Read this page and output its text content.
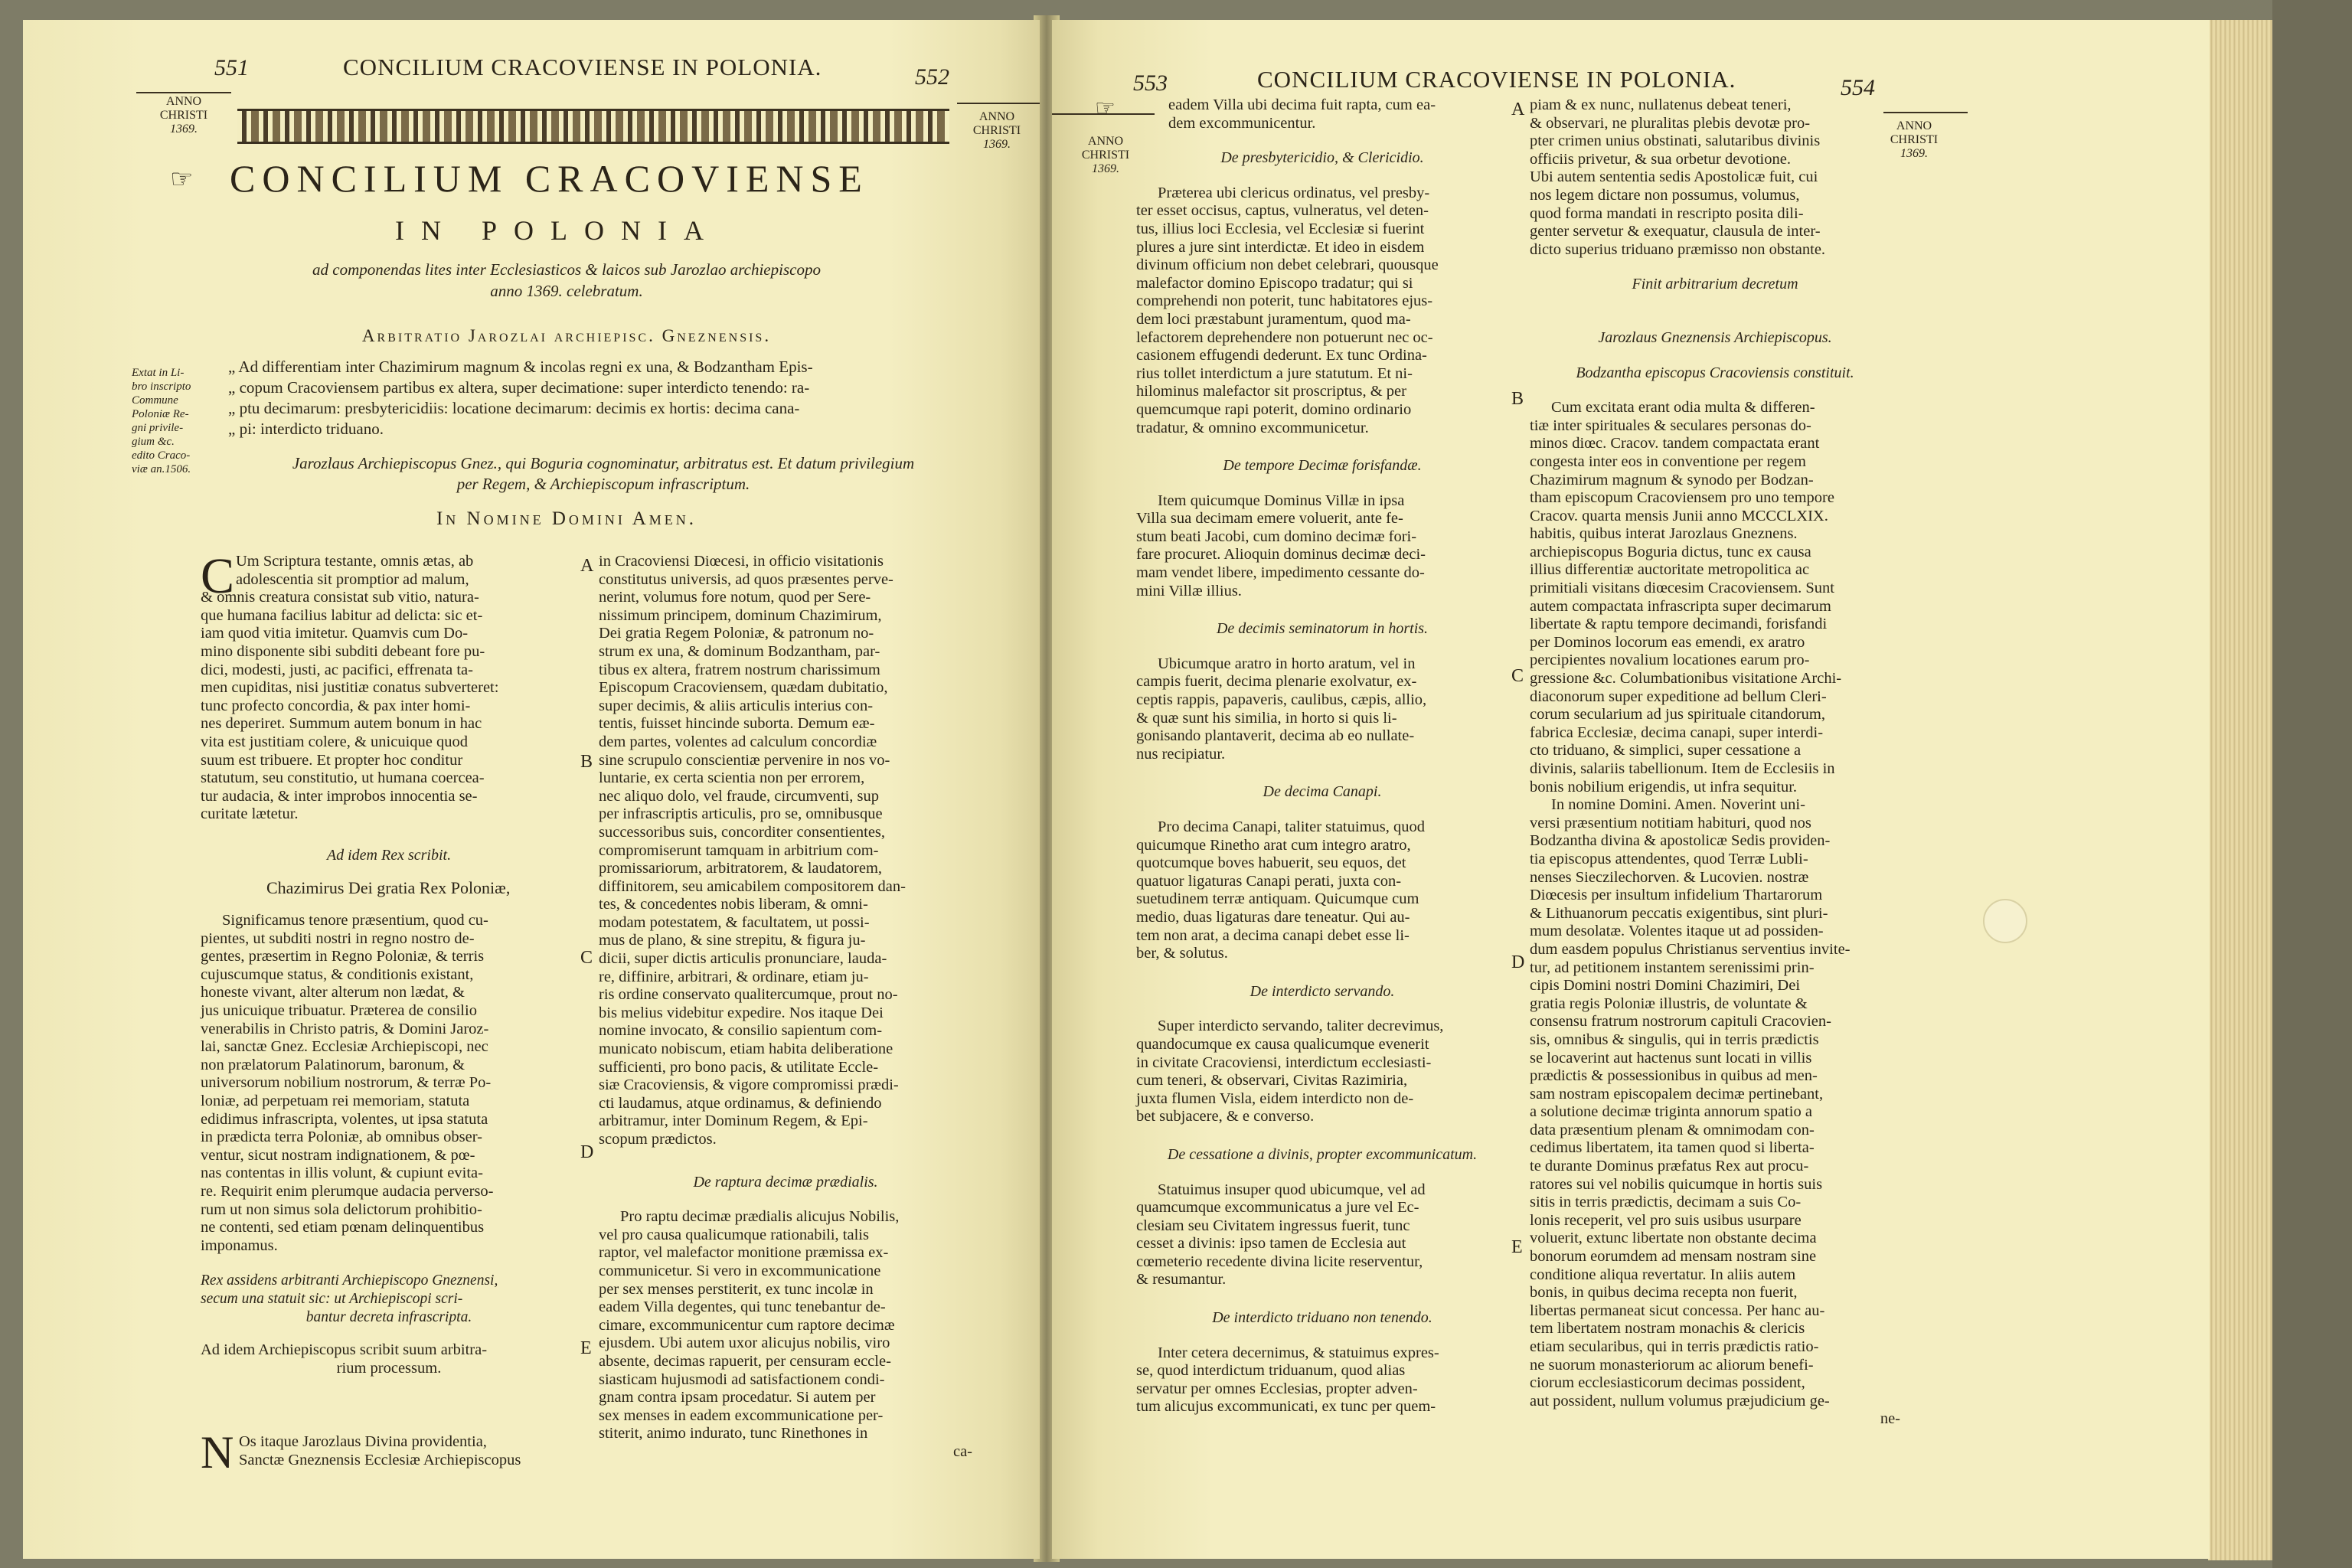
551	CONCILIUM CRACOVIENSE IN POLONIA.	552
ANNO
CHRISTI
1369.
ANNO
CHRISTI
1369.
☞ CONCILIUM CRACOVIENSE
IN POLONIA
ad componendas lites inter Ecclesiasticos & laicos sub Jarozlao archiepiscopo
anno 1369. celebratum.
Arbitratio Jarozlai archiepisc. Gneznensis.
Extat in Li-
bro inscripto
Commune
Poloniæ Re-
gni privile-
gium &c.
edito Craco-
viæ an.1506.
„ Ad differentiam inter Chazimirum magnum & incolas regni ex una, & Bodzantham Epis-
„ copum Cracoviensem partibus ex altera, super decimatione: super interdicto tenendo: ra-
„ ptu decimarum: presbytericidiis: locatione decimarum: decimis ex hortis: decima cana-
„ pi: interdicto triduano.
Jarozlaus Archiepiscopus Gnez., qui Boguria cognominatur, arbitratus est. Et datum privilegium
per Regem, & Archiepiscopum infrascriptum.
In Nomine Domini Amen.
C Um Scriptura testante, omnis ætas, ab
adolescentia sit promptior ad malum,
& omnis creatura consistat sub vitio, natura-
que humana facilius labitur ad delicta: sic et-
iam quod vitia imitetur. Quamvis cum Do-
mino disponente sibi subditi debeant fore pu-
dici, modesti, justi, ac pacifici, effrenata ta-
men cupiditas, nisi justitiæ conatus subverteret:
tunc profecto concordia, & pax inter homi-
nes deperiret. Summum autem bonum in hac
vita est justitiam colere, & unicuique quod
suum est tribuere. Et propter hoc conditur
statutum, seu constitutio, ut humana coercea-
tur audacia, & inter improbos innocentia se-
curitate lætetur.
Ad idem Rex scribit.
Chazimirus Dei gratia Rex Poloniæ,
Significamus tenore præsentium, quod cu-
pientes, ut subditi nostri in regno nostro de-
gentes, præsertim in Regno Poloniæ, & terris
cujuscumque status, & conditionis existant,
honeste vivant, alter alterum non lædat, &
jus unicuique tribuatur. Præterea de consilio
venerabilis in Christo patris, & Domini Jaroz-
lai, sanctæ Gnez. Ecclesiæ Archiepiscopi, nec
non prælatorum Palatinorum, baronum, &
universorum nobilium nostrorum, & terræ Po-
loniæ, ad perpetuam rei memoriam, statuta
edidimus infrascripta, volentes, ut ipsa statuta
in prædicta terra Poloniæ, ab omnibus obser-
ventur, sicut nostram indignationem, & pœ-
nas contentas in illis volunt, & cupiunt evita-
re. Requirit enim plerumque audacia perverso-
rum ut non simus sola delictorum prohibitio-
ne contenti, sed etiam pœnam delinquentibus
imponamus.
Rex assidens arbitranti Archiepiscopo Gneznensi,
secum una statuit sic: ut Archiepiscopi scri-
bantur decreta infrascripta.
Ad idem Archiepiscopus scribit suum arbitra-
rium processum.
N Os itaque Jarozlaus Divina providentia,
Sanctæ Gneznensis Ecclesiæ Archiepiscopus
A
B
C
D
E
in Cracoviensi Diœcesi, in officio visitationis
constitutus universis, ad quos præsentes perve-
nerint, volumus fore notum, quod per Sere-
nissimum principem, dominum Chazimirum,
Dei gratia Regem Poloniæ, & patronum no-
strum ex una, & dominum Bodzantham, par-
tibus ex altera, fratrem nostrum charissimum
Episcopum Cracoviensem, quædam dubitatio,
super decimis, & aliis articulis interius con-
tentis, fuisset hincinde suborta. Demum eæ-
dem partes, volentes ad calculum concordiæ
sine scrupulo conscientiæ pervenire in nos vo-
luntarie, ex certa scientia non per errorem,
nec aliquo dolo, vel fraude, circumventi, sup
per infrascriptis articulis, pro se, omnibusque
successoribus suis, concorditer consentientes,
compromiserunt tamquam in arbitrium com-
promissariorum, arbitratorem, & laudatorem,
diffinitorem, seu amicabilem compositorem dan-
tes, & concedentes nobis liberam, & omni-
modam potestatem, & facultatem, ut possi-
mus de plano, & sine strepitu, & figura ju-
dicii, super dictis articulis pronunciare, lauda-
re, diffinire, arbitrari, & ordinare, etiam ju-
ris ordine conservato qualitercumque, prout no-
bis melius videbitur expedire. Nos itaque Dei
nomine invocato, & consilio sapientum com-
municato nobiscum, etiam habita deliberatione
sufficienti, pro bono pacis, & utilitate Eccle-
siæ Cracoviensis, & vigore compromissi prædi-
cti laudamus, atque ordinamus, & definiendo
arbitramur, inter Dominum Regem, & Epi-
scopum prædictos.
De raptura decimæ prædialis.
Pro raptu decimæ prædialis alicujus Nobilis,
vel pro causa qualicumque rationabili, talis
raptor, vel malefactor monitione præmissa ex-
communicetur. Si vero in excommunicatione
per sex menses perstiterit, ex tunc incolæ in
eadem Villa degentes, qui tunc tenebantur de-
cimare, excommunicentur cum raptore decimæ
ejusdem. Ubi autem uxor alicujus nobilis, viro
absente, decimas rapuerit, per censuram eccle-
siasticam hujusmodi ad satisfactionem condi-
gnam contra ipsam procedatur. Si autem per
sex menses in eadem excommunicatione per-
stiterit, animo indurato, tunc Rinethones in
ca-
553	CONCILIUM CRACOVIENSE IN POLONIA.	554
☞
ANNO
CHRISTI
1369.
ANNO
CHRISTI
1369.
eadem Villa ubi decima fuit rapta, cum ea-
dem excommunicentur.
De presbytericidio, & Clericidio.
Præterea ubi clericus ordinatus, vel presby-
ter esset occisus, captus, vulneratus, vel deten-
tus, illius loci Ecclesia, vel Ecclesiæ si fuerint
plures a jure sint interdictæ. Et ideo in eisdem
divinum officium non debet celebrari, quousque
malefactor domino Episcopo tradatur; qui si
comprehendi non poterit, tunc habitatores ejus-
dem loci præstabunt juramentum, quod ma-
lefactorem deprehendere non potuerunt nec oc-
casionem effugendi dederunt. Ex tunc Ordina-
rius tollet interdictum a jure statutum. Et ni-
hilominus malefactor sit proscriptus, & per
quemcumque rapi poterit, domino ordinario
tradatur, & omnino excommunicetur.
De tempore Decimæ forisfandæ.
Item quicumque Dominus Villæ in ipsa
Villa sua decimam emere voluerit, ante fe-
stum beati Jacobi, cum domino decimæ fori-
fare procuret. Alioquin dominus decimæ deci-
mam vendet libere, impedimento cessante do-
mini Villæ illius.
De decimis seminatorum in hortis.
Ubicumque aratro in horto aratum, vel in
campis fuerit, decima plenarie exolvatur, ex-
ceptis rappis, papaveris, caulibus, cæpis, allio,
& quæ sunt his similia, in horto si quis li-
gonisando plantaverit, decima ab eo nullate-
nus recipiatur.
De decima Canapi.
Pro decima Canapi, taliter statuimus, quod
quicumque Rinetho arat cum integro aratro,
quotcumque boves habuerit, seu equos, det
quatuor ligaturas Canapi perati, juxta con-
suetudinem terræ antiquam. Quicumque cum
medio, duas ligaturas dare teneatur. Qui au-
tem non arat, a decima canapi debet esse li-
ber, & solutus.
De interdicto servando.
Super interdicto servando, taliter decrevimus,
quandocumque ex causa qualicumque evenerit
in civitate Cracoviensi, interdictum ecclesiasti-
cum teneri, & observari, Civitas Razimiria,
juxta flumen Visla, eidem interdicto non de-
bet subjacere, & e converso.
De cessatione a divinis, propter excommunicatum.
Statuimus insuper quod ubicumque, vel ad
quamcumque excommunicatus a jure vel Ec-
clesiam seu Civitatem ingressus fuerit, tunc
cesset a divinis: ipso tamen de Ecclesia aut
cœmeterio recedente divina licite reserventur,
& resumantur.
De interdicto triduano non tenendo.
Inter cetera decernimus, & statuimus expres-
se, quod interdictum triduanum, quod alias
servatur per omnes Ecclesias, propter adven-
tum alicujus excommunicati, ex tunc per quem-
A
B
C
D
E
piam & ex nunc, nullatenus debeat teneri,
& observari, ne pluralitas plebis devotæ pro-
pter crimen unius obstinati, salutaribus divinis
officiis privetur, & sua orbetur devotione.
Ubi autem sententia sedis Apostolicæ fuit, cui
nos legem dictare non possumus, volumus,
quod forma mandati in rescripto posita dili-
genter servetur & exequatur, clausula de inter-
dicto superius triduano præmisso non obstante.
Finit arbitrarium decretum
Jarozlaus Gneznensis Archiepiscopus.
Bodzantha episcopus Cracoviensis constituit.
Cum excitata erant odia multa & differen-
tiæ inter spirituales & seculares personas do-
minos diœc. Cracov. tandem compactata erant
congesta inter eos in conventione per regem
Chazimirum magnum & synodo per Bodzan-
tham episcopum Cracoviensem pro uno tempore
Cracov. quarta mensis Junii anno MCCCLXIX.
habitis, quibus interat Jarozlaus Gneznens.
archiepiscopus Boguria dictus, tunc ex causa
illius differentiæ auctoritate metropolitica ac
primitiali visitans diœcesim Cracoviensem. Sunt
autem compactata infrascripta super decimarum
libertate & raptu tempore decimandi, forisfandi
per Dominos locorum eas emendi, ex aratro
percipientes novalium locationes earum pro-
gressione &c. Columbationibus visitatione Archi-
diaconorum super expeditione ad bellum Cleri-
corum secularium ad jus spirituale citandorum,
fabrica Ecclesiæ, decima canapi, super interdi-
cto triduano, & simplici, super cessatione a
divinis, salariis tabellionum. Item de Ecclesiis in
bonis nobilium erigendis, ut infra sequitur.
In nomine Domini. Amen. Noverint uni-
versi præsentium notitiam habituri, quod nos
Bodzantha divina & apostolicæ Sedis providen-
tia episcopus attendentes, quod Terræ Lubli-
nenses Sieczilechorven. & Lucovien. nostræ
Diœcesis per insultum infidelium Thartarorum
& Lithuanorum peccatis exigentibus, sint pluri-
mum desolatæ. Volentes itaque ut ad possiden-
dum easdem populus Christianus serventius invite-
tur, ad petitionem instantem serenissimi prin-
cipis Domini nostri Domini Chazimiri, Dei
gratia regis Poloniæ illustris, de voluntate &
consensu fratrum nostrorum capituli Cracovien-
sis, omnibus & singulis, qui in terris prædictis
se locaverint aut hactenus sunt locati in villis
prædictis & possessionibus in quibus ad men-
sam nostram episcopalem decimæ pertinebant,
a solutione decimæ triginta annorum spatio a
data præsentium plenam & omnimodam con-
cedimus libertatem, ita tamen quod si liberta-
te durante Dominus præfatus Rex aut procu-
ratores sui vel nobilis quicumque in hortis suis
sitis in terris prædictis, decimam a suis Co-
lonis receperit, vel pro suis usibus usurpare
voluerit, extunc libertate non obstante decima
bonorum eorumdem ad mensam nostram sine
conditione aliqua revertatur. In aliis autem
bonis, in quibus decima recepta non fuerit,
libertas permaneat sicut concessa. Per hanc au-
tem libertatem nostram monachis & clericis
etiam secularibus, qui in terris prædictis ratio-
ne suorum monasteriorum ac aliorum benefi-
ciorum ecclesiasticorum decimas possident,
aut possident, nullum volumus præjudicium ge-
ne-
